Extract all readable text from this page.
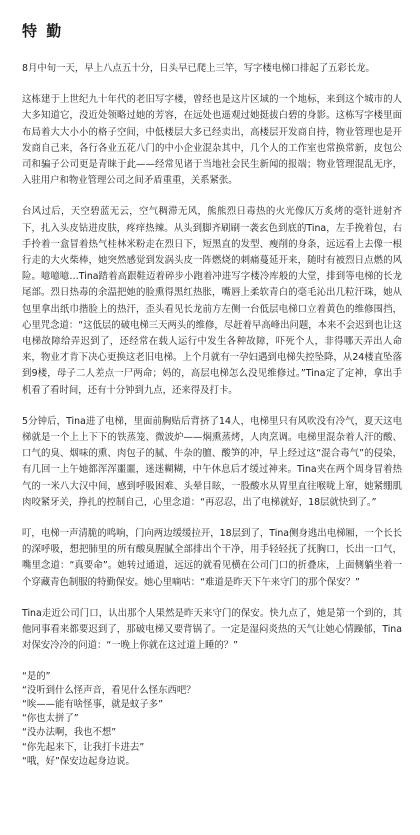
特 勤

8月中旬一天，早上八点五十分，日头早已爬上三竿，写字楼电梯口排起了五彩长龙。

这栋建于上世纪九十年代的老旧写字楼，曾经也是这片区域的一个地标，来到这个城市的人大多知道它，没近处领略过她的芳容，在远处也遥观过她挺拔白碧的身影。这栋写字楼里面布局着大大小小的格子空间，中低楼层大多已经卖出，高楼层开发商自持，物业管理也是开发商自己来，各行各业五花八门的中小企业混杂其中，几个人的工作室也常换常新，皮包公司和骗子公司更是青睐于此——经常见诸于当地社会民生新闻的报端；物业管理混乱无序，入驻用户和物业管理公司之间矛盾重重，关系紧张。

台风过后，天空碧蓝无云，空气稠滞无风，熊熊烈日毒热的火光像仄万炙烤的毫针迸射齐下，扎入头皮钻进皮肤，疼痒热辣。从头到脚齐刷刷一袭玄色到底的Tina，左手挽着包，右手拎着一盒冒着热气桂林米粉走在烈日下，短黑直的发型、瘦削的身条，远远看上去像一根行走的大火柴棒，她突然感觉到发涡头皮一阵燃烧的刺痛蔓延开来，随时有被烈日点燃的风险。噫噫噫…Tina踏着高跟鞋迈着碎步小跑着冲进写字楼冷库般的大堂，排到等电梯的长龙尾部。烈日热毒的余温把她的脸熏得黑红热胀，嘴唇上柔软青白的毫毛沁出几粒汗珠，她从包里拿出纸巾揩脸上的热汗，歪头看见长龙前方左侧一台低层电梯口立着黄色的维修围挡，心里咒念道：“这低层的破电梯三天两头的维修，尽赶着早高峰出问题，本来不会迟到也让这电梯故障给弄迟到了，还经常在载人运行中发生各种故障，吓死个人，非得哪天弄出人命来，物业才肯下决心更换这老旧电梯。上个月就有一孕妇遇到电梯失控坠降，从24楼直坠落到9楼，母子二人差点一尸两命；妈的，高层电梯怎么没见维修过。”Tina定了定神，拿出手机看了看时间，还有十分钟到九点，还来得及打卡。

5分钟后，Tina进了电梯，里面前胸贴后背挤了14人，电梯里只有风吹没有冷气，夏天这电梯就是一个上上下下的铁蒸笼、微波炉——焖熏蒸烤，人肉烹调。电梯里混杂着人汗的酸、口气的臭、烟味的熏、肉包子的腻、牛杂的膻、酸笋的冲，早上经过这“混合毒气”的侵染，有几回一上午她都浑浑噩噩，迷迷糊糊，中午休息后才缓过神来。Tina夹在两个周身冒着热气的一米八大汉中间，感到呼吸困难、头晕目眩，一股酸水从胃里直往喉咙上窜，她紧绷肌肉咬紧牙关，挣扎的控制自己，心里念道：“再忍忍，出了电梯就好，18层就快到了。”

叮，电梯一声清脆的鸣响，门向两边缓缓拉开，18层到了，Tina侧身逃出电梯厢，一个长长的深呼吸，想把肺里的所有酸臭腥腻全部排出个干净，用手轻轻抚了抚胸口，长出一口气，嘴里念道：“真要命”。她转过通道，远远的就看见横在公司门口的折叠床，上面侧躺坐着一个穿藏青色制服的特勤保安。她心里嘀咕：“难道是昨天下午来守门的那个保安？”

Tina走近公司门口，认出那个人果然是昨天来守门的保安。快九点了，她是第一个到的，其他同事看来都要迟到了，那破电梯又要背锅了。一定是湿闷炎热的天气让她心情躁郁，Tina对保安冷冷的问道：“一晚上你就在这过道上睡的？”

“是的”

“没听到什么怪声音，看见什么怪东西吧？

“唉——能有啥怪事，就是蚊子多”

“你也太拼了”

“没办法啊，我也不想”

“你先起来下，让我打卡进去”

“哦，好”保安边起身边说。
